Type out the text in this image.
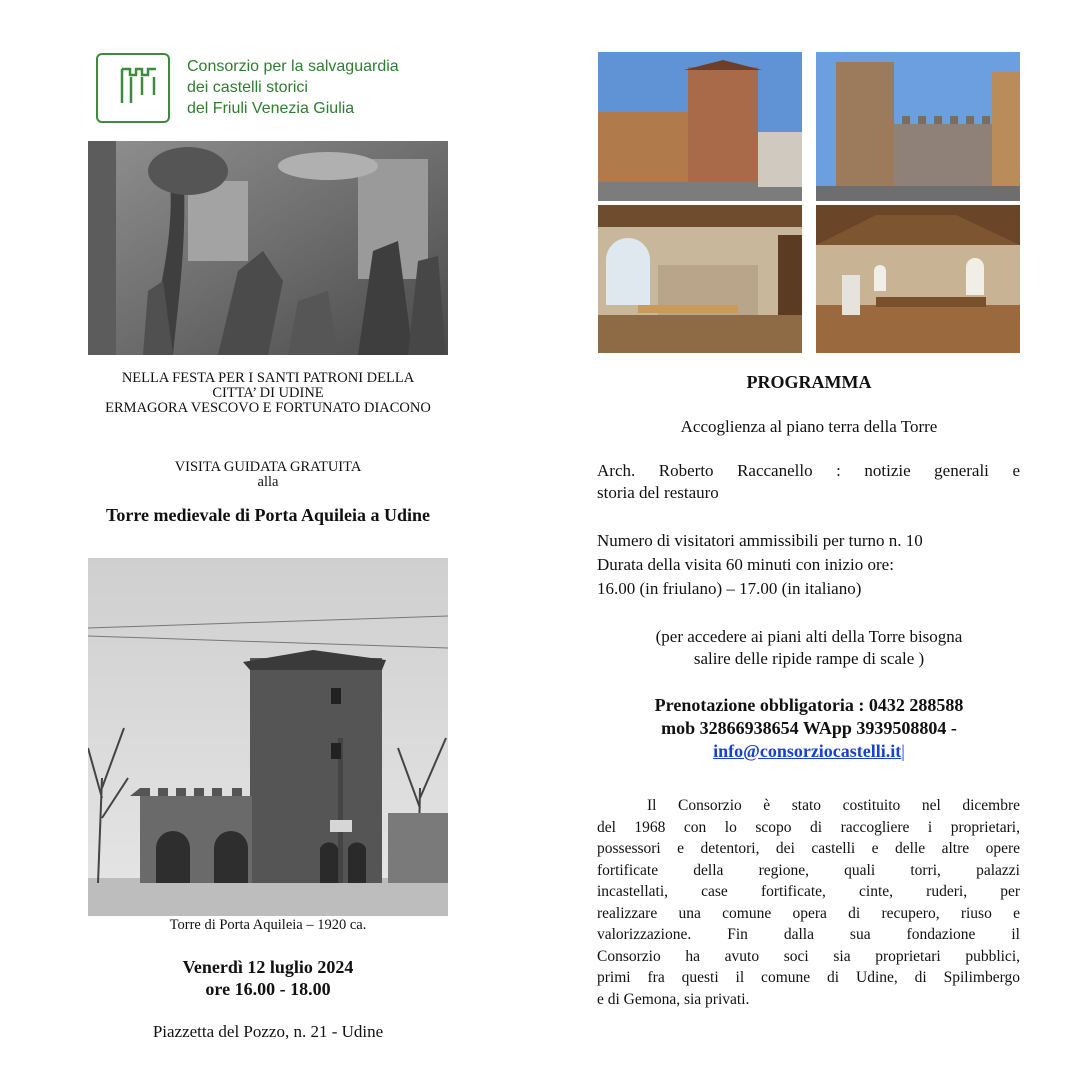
Consorzio per la salvaguardia
dei castelli storici
del Friuli Venezia Giulia
NELLA FESTA PER I SANTI PATRONI DELLA
CITTA’ DI UDINE
ERMAGORA VESCOVO E FORTUNATO DIACONO
VISITA GUIDATA GRATUITA
alla
Torre medievale di Porta Aquileia a Udine
Torre di Porta Aquileia – 1920 ca.
Venerdì 12 luglio 2024
ore 16.00 - 18.00
Piazzetta del Pozzo, n. 21 - Udine
PROGRAMMA
Accoglienza al piano terra della Torre
Arch. Roberto Raccanello : notizie generali e
storia del restauro
Numero di visitatori ammissibili per turno n. 10
Durata della visita 60 minuti con inizio ore:
16.00 (in friulano) – 17.00 (in italiano)
(per accedere ai piani alti della Torre bisogna
salire delle ripide rampe di scale )
Prenotazione obbligatoria : 0432 288588
mob 32866938654 WApp 3939508804 -
info@consorziocastelli.it|
Il Consorzio è stato costituito nel dicembre
del 1968 con lo scopo di raccogliere i proprietari,
possessori e detentori, dei castelli e delle altre opere
fortificate della regione, quali torri, palazzi
incastellati, case fortificate, cinte, ruderi, per
realizzare una comune opera di recupero, riuso e
valorizzazione. Fin dalla sua fondazione il
Consorzio ha avuto soci sia proprietari pubblici,
primi fra questi il comune di Udine, di Spilimbergo
e di Gemona, sia privati.
